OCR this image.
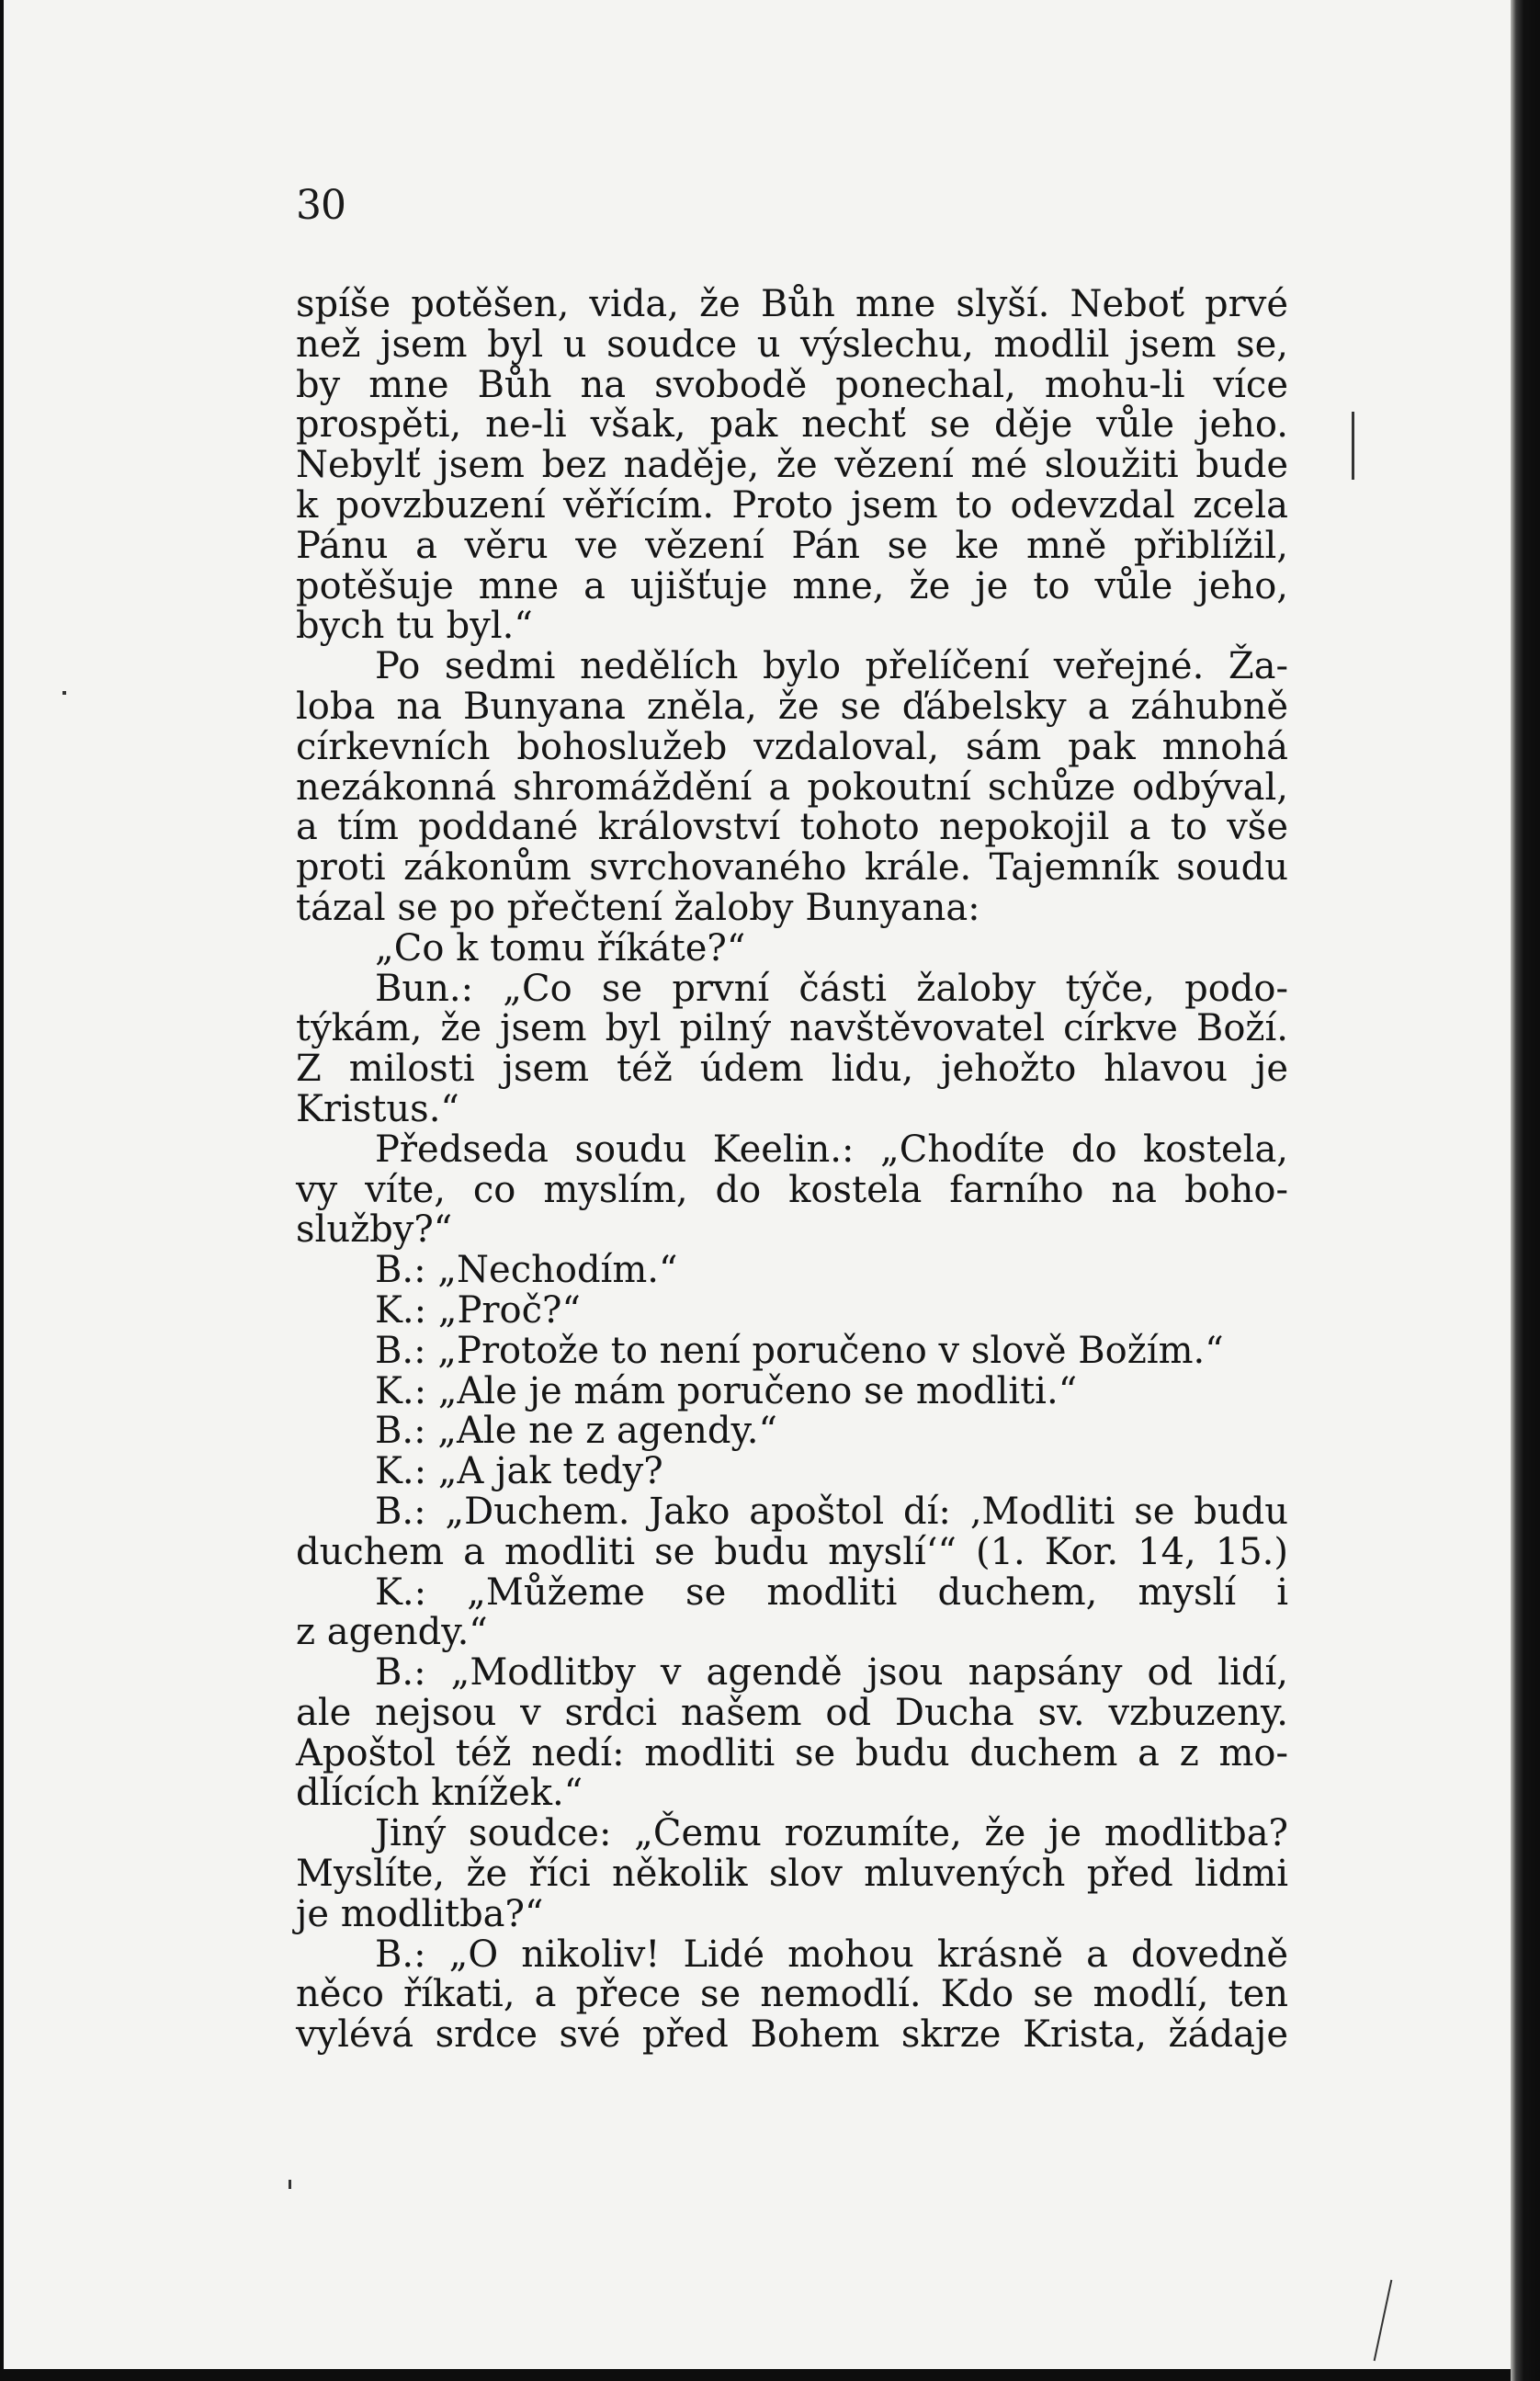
30
spíše potěšen, vida, že Bůh mne slyší. Neboť prvé
než jsem byl u soudce u výslechu, modlil jsem se,
by mne Bůh na svobodě ponechal, mohu-li více
prospěti, ne-li však, pak nechť se děje vůle jeho.
Nebylť jsem bez naděje, že vězení mé sloužiti bude
k povzbuzení věřícím. Proto jsem to odevzdal zcela
Pánu a věru ve vězení Pán se ke mně přiblížil,
potěšuje mne a ujišťuje mne, že je to vůle jeho,
bych tu byl.“
Po sedmi nedělích bylo přelíčení veřejné. Ža-
loba na Bunyana zněla, že se ďábelsky a záhubně
církevních bohoslužeb vzdaloval, sám pak mnohá
nezákonná shromáždění a pokoutní schůze odbýval,
a tím poddané království tohoto nepokojil a to vše
proti zákonům svrchovaného krále. Tajemník soudu
tázal se po přečtení žaloby Bunyana:
„Co k tomu říkáte?“
Bun.: „Co se první části žaloby týče, podo-
týkám, že jsem byl pilný navštěvovatel církve Boží.
Z milosti jsem též údem lidu, jehožto hlavou je
Kristus.“
Předseda soudu Keelin.: „Chodíte do kostela,
vy víte, co myslím, do kostela farního na boho-
služby?“
B.: „Nechodím.“
K.: „Proč?“
B.: „Protože to není poručeno v slově Božím.“
K.: „Ale je mám poručeno se modliti.“
B.: „Ale ne z agendy.“
K.: „A jak tedy?
B.: „Duchem. Jako apoštol dí: ‚Modliti se budu
duchem a modliti se budu myslí‘“ (1. Kor. 14, 15.)
K.: „Můžeme se modliti duchem, myslí i
z agendy.“
B.: „Modlitby v agendě jsou napsány od lidí,
ale nejsou v srdci našem od Ducha sv. vzbuzeny.
Apoštol též nedí: modliti se budu duchem a z mo-
dlících knížek.“
Jiný soudce: „Čemu rozumíte, že je modlitba?
Myslíte, že říci několik slov mluvených před lidmi
je modlitba?“
B.: „O nikoliv! Lidé mohou krásně a dovedně
něco říkati, a přece se nemodlí. Kdo se modlí, ten
vylévá srdce své před Bohem skrze Krista, žádaje
